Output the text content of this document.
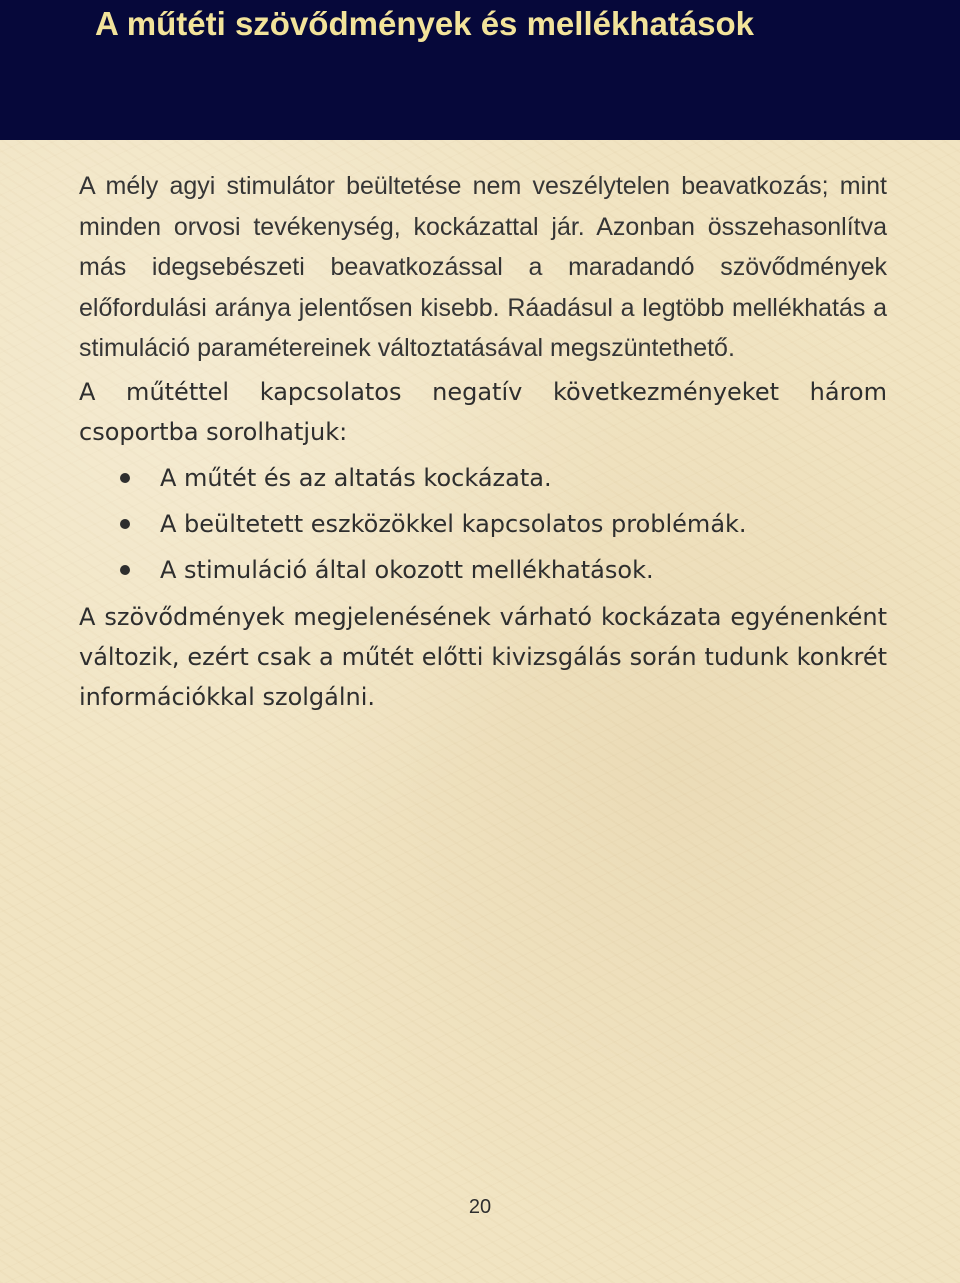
A műtéti szövődmények és mellékhatások

A mély agyi stimulátor beültetése nem veszélytelen beavatkozás; mint minden orvosi tevékenység, kockázattal jár. Azonban összehasonlítva más idegsebészeti beavatkozással a maradandó szövődmények előfordulási aránya jelentősen kisebb. Ráadásul a legtöbb mellékhatás a stimuláció paramétereinek változtatásával megszüntethető.

A műtéttel kapcsolatos negatív következményeket három csoportba sorolhatjuk:

A műtét és az altatás kockázata.
A beültetett eszközökkel kapcsolatos problémák.
A stimuláció által okozott mellékhatások.

A szövődmények megjelenésének várható kockázata egyénenként változik, ezért csak a műtét előtti kivizsgálás során tudunk konkrét információkkal szolgálni.

20
